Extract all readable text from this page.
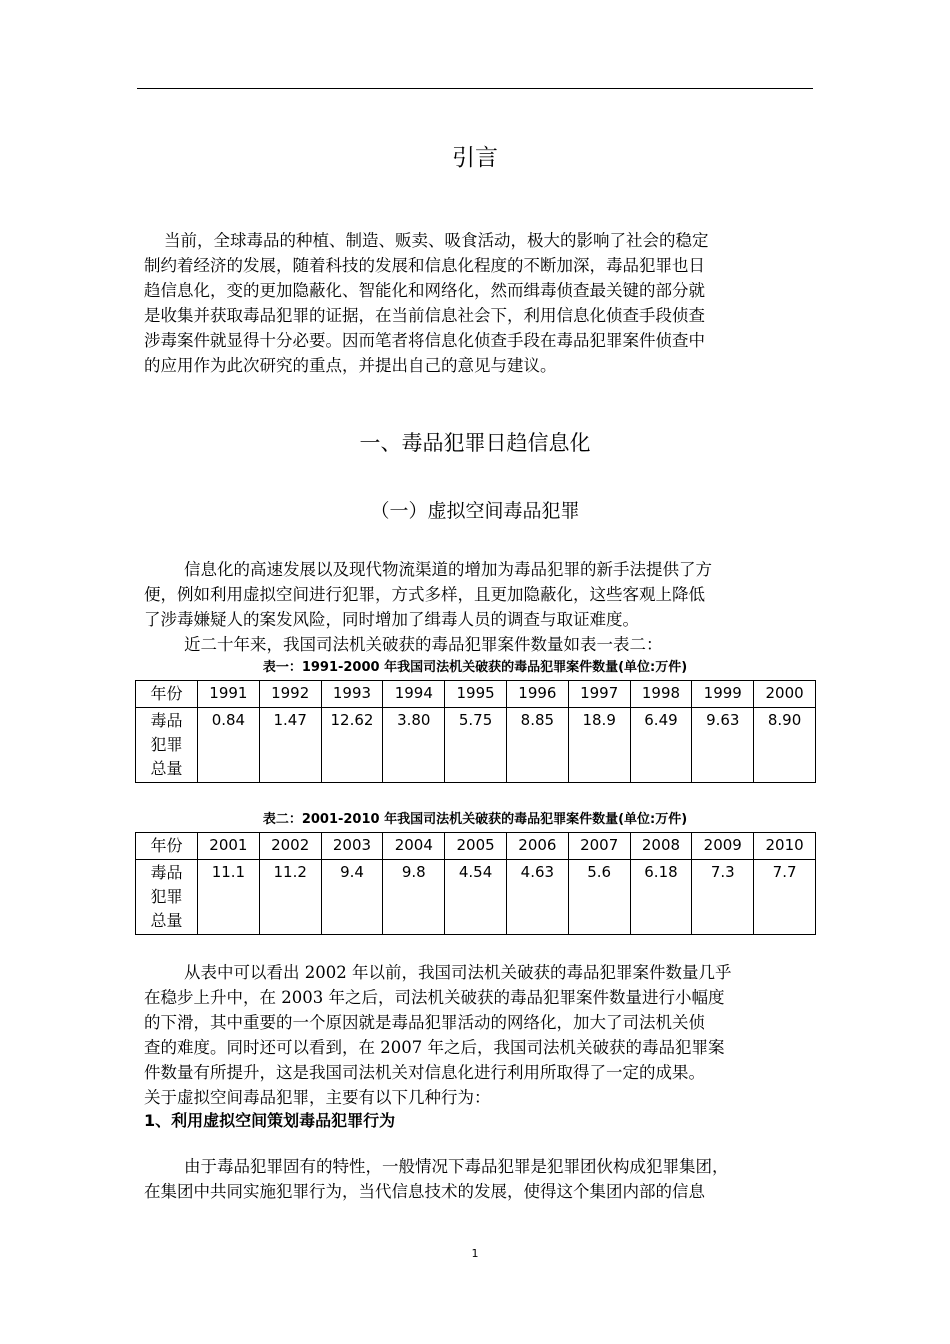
引言
当前，全球毒品的种植、制造、贩卖、吸食活动，极大的影响了社会的稳定
制约着经济的发展，随着科技的发展和信息化程度的不断加深，毒品犯罪也日
趋信息化，变的更加隐蔽化、智能化和网络化，然而缉毒侦查最关键的部分就
是收集并获取毒品犯罪的证据，在当前信息社会下，利用信息化侦查手段侦查
涉毒案件就显得十分必要。因而笔者将信息化侦查手段在毒品犯罪案件侦查中
的应用作为此次研究的重点，并提出自己的意见与建议。
一、毒品犯罪日趋信息化
（一）虚拟空间毒品犯罪
信息化的高速发展以及现代物流渠道的增加为毒品犯罪的新手法提供了方
便，例如利用虚拟空间进行犯罪，方式多样，且更加隐蔽化，这些客观上降低
了涉毒嫌疑人的案发风险，同时增加了缉毒人员的调查与取证难度。
近二十年来，我国司法机关破获的毒品犯罪案件数量如表一表二：
表一：1991-2000 年我国司法机关破获的毒品犯罪案件数量(单位:万件)
年份	1991	1992	1993	1994	1995	1996	1997	1998	1999	2000

毒品
犯罪
总量	0.84	1.47	12.62	3.80	5.75	8.85	18.9	6.49	9.63	8.90
表二：2001-2010 年我国司法机关破获的毒品犯罪案件数量(单位:万件)
年份	2001	2002	2003	2004	2005	2006	2007	2008	2009	2010

毒品
犯罪
总量	11.1	11.2	9.4	9.8	4.54	4.63	5.6	6.18	7.3	7.7
从表中可以看出 2002 年以前，我国司法机关破获的毒品犯罪案件数量几乎
在稳步上升中，在 2003 年之后，司法机关破获的毒品犯罪案件数量进行小幅度
的下滑，其中重要的一个原因就是毒品犯罪活动的网络化，加大了司法机关侦
查的难度。同时还可以看到，在 2007 年之后，我国司法机关破获的毒品犯罪案
件数量有所提升，这是我国司法机关对信息化进行利用所取得了一定的成果。
关于虚拟空间毒品犯罪，主要有以下几种行为：
1、利用虚拟空间策划毒品犯罪行为
由于毒品犯罪固有的特性，一般情况下毒品犯罪是犯罪团伙构成犯罪集团，
在集团中共同实施犯罪行为，当代信息技术的发展，使得这个集团内部的信息
1
